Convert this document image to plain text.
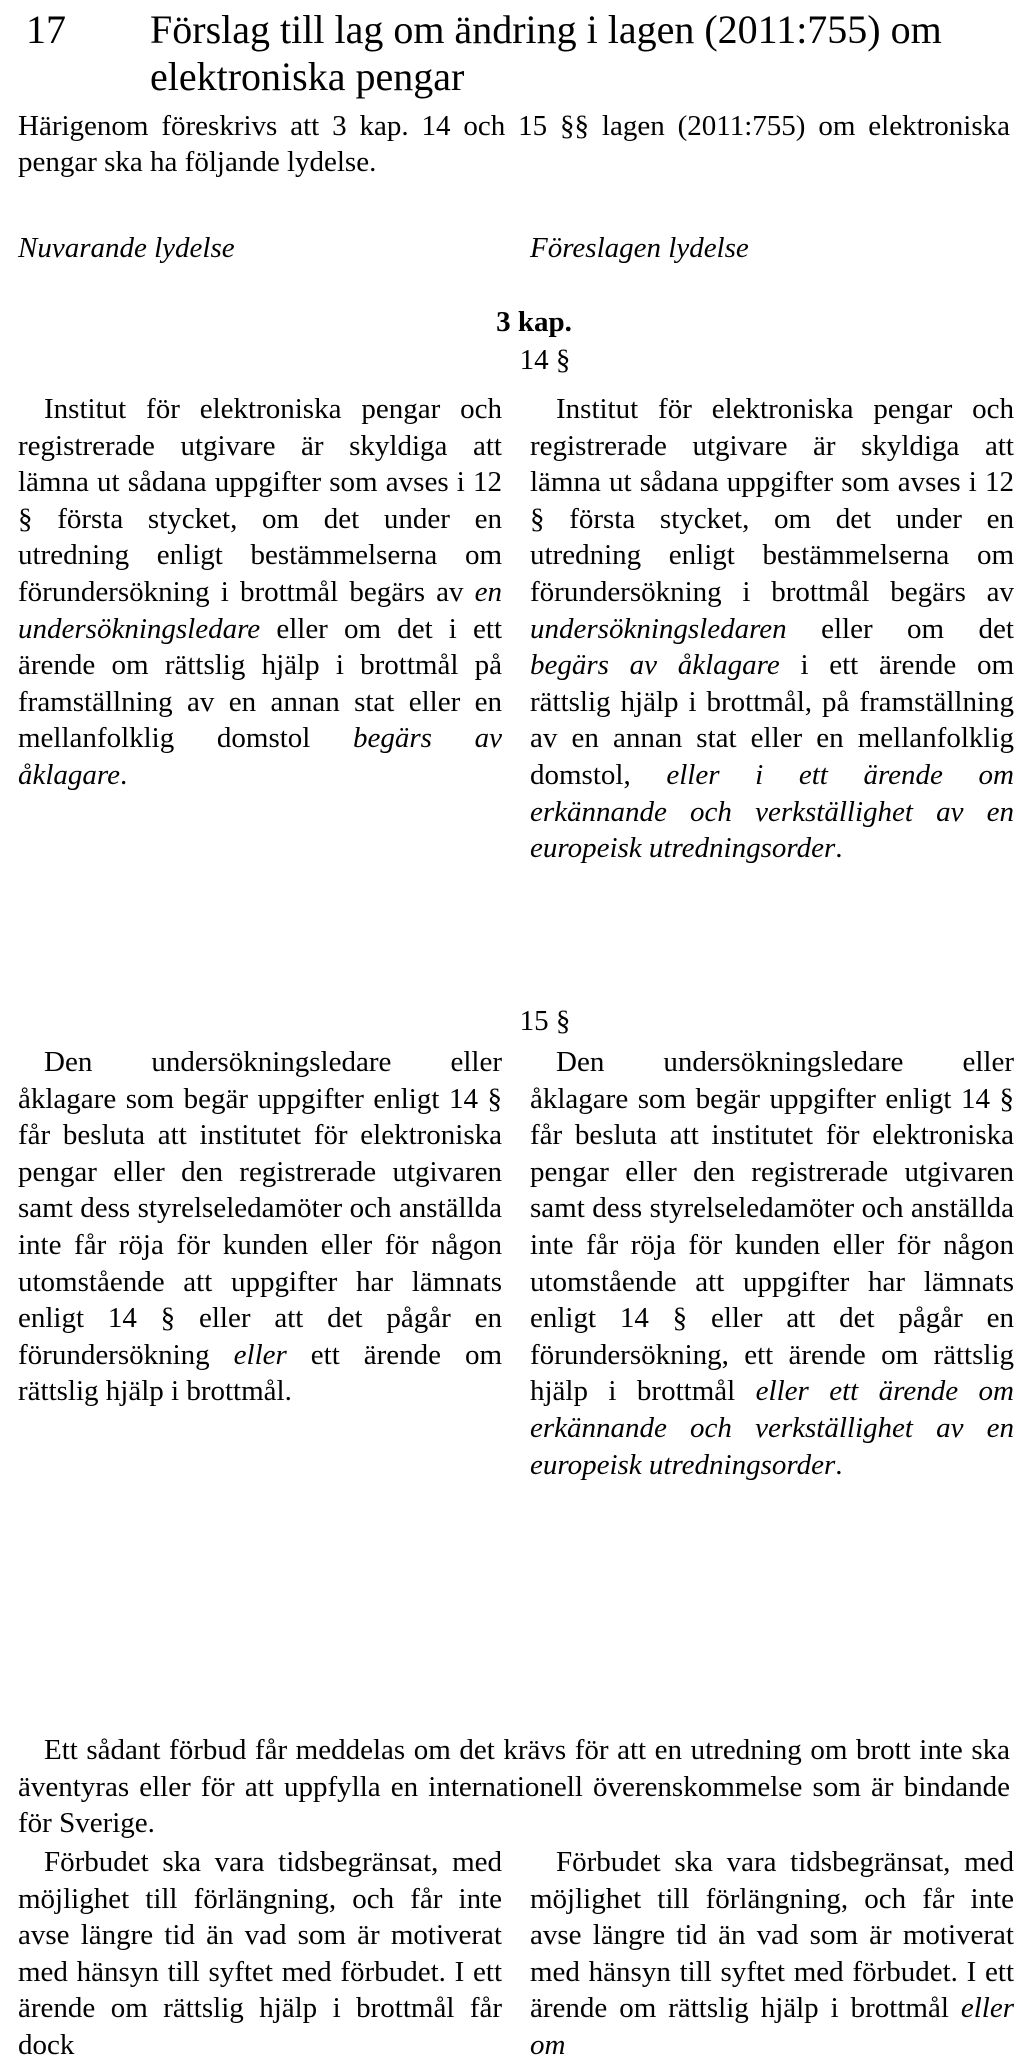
17 Förslag till lag om ändring i lagen (2011:755) om elektroniska pengar
Härigenom föreskrivs att 3 kap. 14 och 15 §§ lagen (2011:755) om elektroniska pengar ska ha följande lydelse.
Nuvarande lydelse	Föreslagen lydelse
3 kap.
14 §

Institut för elektroniska pengar och registrerade utgivare är skyldiga att lämna ut sådana uppgifter som avses i 12 § första stycket, om det under en utredning enligt bestämmelserna om förundersökning i brottmål begärs av en undersökningsledare eller om det i ett ärende om rättslig hjälp i brottmål på framställning av en annan stat eller en mellanfolklig domstol begärs av åklagare.

Institut för elektroniska pengar och registrerade utgivare är skyldiga att lämna ut sådana uppgifter som avses i 12 § första stycket, om det under en utredning enligt bestämmelserna om förundersökning i brottmål begärs av undersökningsledaren eller om det begärs av åklagare i ett ärende om rättslig hjälp i brottmål, på framställning av en annan stat eller en mellanfolklig domstol, eller i ett ärende om erkännande och verkställighet av en europeisk utredningsorder.

15 §

Den undersökningsledare eller åklagare som begär uppgifter enligt 14 § får besluta att institutet för elektroniska pengar eller den registrerade utgivaren samt dess styrelseledamöter och anställda inte får röja för kunden eller för någon utomstående att uppgifter har lämnats enligt 14 § eller att det pågår en förundersökning eller ett ärende om rättslig hjälp i brottmål.

Den undersökningsledare eller åklagare som begär uppgifter enligt 14 § får besluta att institutet för elektroniska pengar eller den registrerade utgivaren samt dess styrelseledamöter och anställda inte får röja för kunden eller för någon utomstående att uppgifter har lämnats enligt 14 § eller att det pågår en förundersökning, ett ärende om rättslig hjälp i brottmål eller ett ärende om erkännande och verkställighet av en europeisk utredningsorder.

Ett sådant förbud får meddelas om det krävs för att en utredning om brott inte ska äventyras eller för att uppfylla en internationell överenskommelse som är bindande för Sverige.

Förbudet ska vara tidsbegränsat, med möjlighet till förlängning, och får inte avse längre tid än vad som är motiverat med hänsyn till syftet med förbudet. I ett ärende om rättslig hjälp i brottmål får dock

Förbudet ska vara tidsbegränsat, med möjlighet till förlängning, och får inte avse längre tid än vad som är motiverat med hänsyn till syftet med förbudet. I ett ärende om rättslig hjälp i brottmål eller om
